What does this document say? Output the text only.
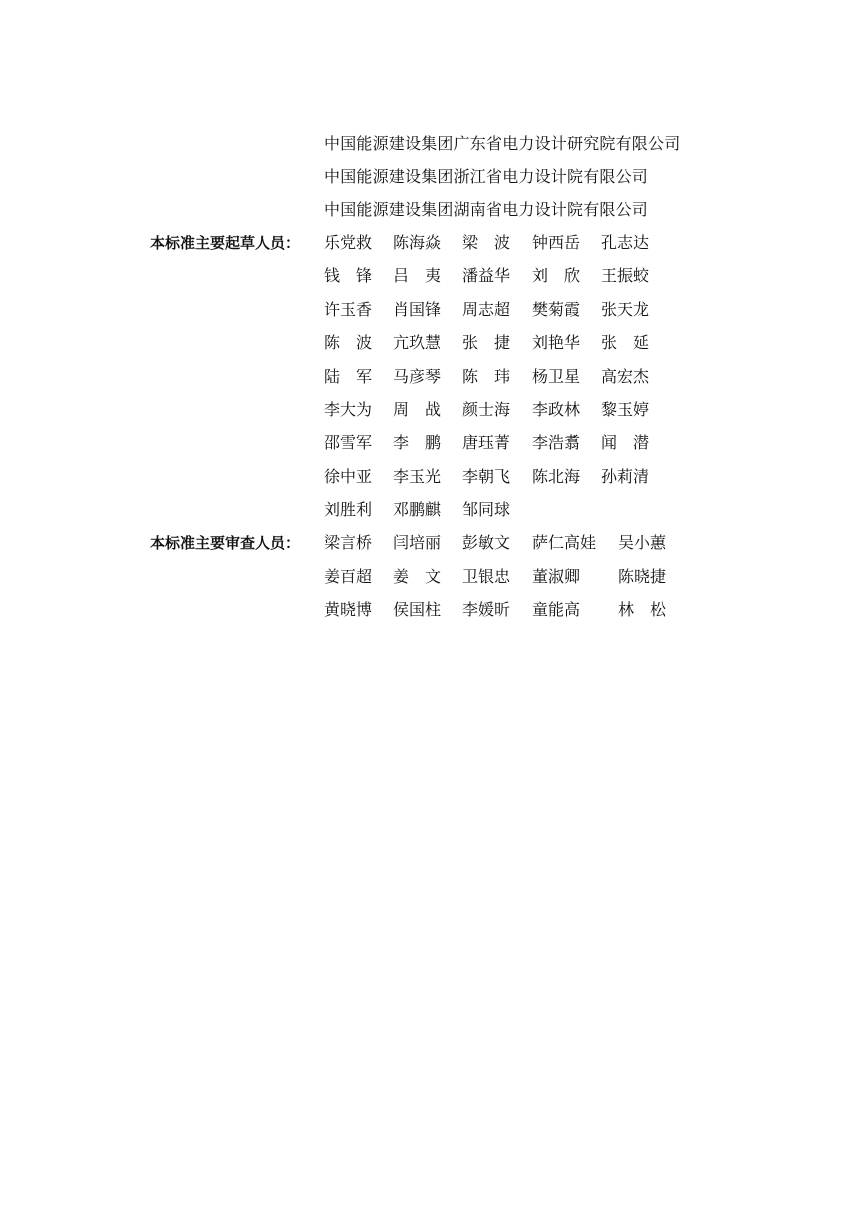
中国能源建设集团广东省电力设计研究院有限公司
中国能源建设集团浙江省电力设计院有限公司
中国能源建设集团湖南省电力设计院有限公司
本标准主要起草人员： 乐党救 陈海焱 梁　波 钟西岳 孔志达
钱　锋 吕　夷 潘益华 刘　欣 王振蛟
许玉香 肖国锋 周志超 樊菊霞 张天龙
陈　波 亢玖慧 张　捷 刘艳华 张　延
陆　军 马彦琴 陈　玮 杨卫星 高宏杰
李大为 周　战 颜士海 李政林 黎玉婷
邵雪军 李　鹏 唐珏菁 李浩翥 闻　潜
徐中亚 李玉光 李朝飞 陈北海 孙莉清
刘胜利 邓鹏麒 邹同球
本标准主要审查人员： 梁言桥 闫培丽 彭敏文 萨仁高娃 吴小蕙
姜百超 姜　文 卫银忠 董淑卿 陈晓捷
黄晓博 侯国柱 李媛昕 童能高 林　松
